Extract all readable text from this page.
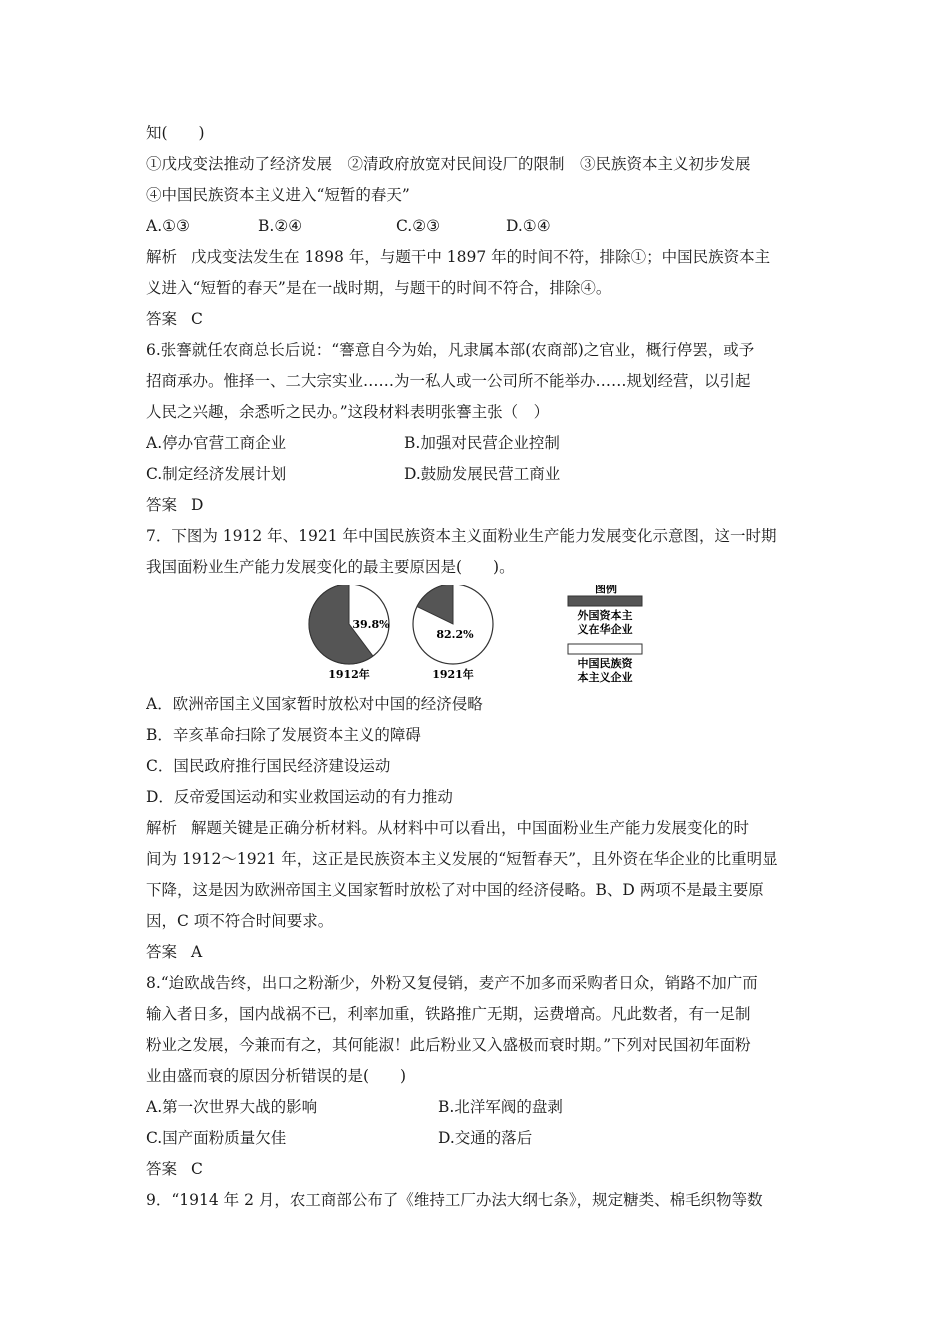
知(　　)
①戊戌变法推动了经济发展　②清政府放宽对民间设厂的限制　③民族资本主义初步发展
④中国民族资本主义进入“短暂的春天”
A.①③	B.②④	C.②③	D.①④
解析 戊戌变法发生在 1898 年，与题干中 1897 年的时间不符，排除①；中国民族资本主
义进入“短暂的春天”是在一战时期，与题干的时间不符合，排除④。
答案 C
6.张謇就任农商总长后说：“謇意自今为始，凡隶属本部(农商部)之官业，概行停罢，或予
招商承办。惟择一、二大宗实业……为一私人或一公司所不能举办……规划经营，以引起
人民之兴趣，余悉听之民办。”这段材料表明张謇主张（　）
A.停办官营工商企业	B.加强对民营企业控制
C.制定经济发展计划	D.鼓励发展民营工商业
答案 D
7．下图为 1912 年、1921 年中国民族资本主义面粉业生产能力发展变化示意图，这一时期
我国面粉业生产能力发展变化的最主要原因是(　　)。
39.8%
82.2%
1912年	1921年
图例
外国资本主
义在华企业
中国民族资
本主义企业
A．欧洲帝国主义国家暂时放松对中国的经济侵略
B．辛亥革命扫除了发展资本主义的障碍
C．国民政府推行国民经济建设运动
D．反帝爱国运动和实业救国运动的有力推动
解析 解题关键是正确分析材料。从材料中可以看出，中国面粉业生产能力发展变化的时
间为 1912～1921 年，这正是民族资本主义发展的“短暂春天”，且外资在华企业的比重明显
下降，这是因为欧洲帝国主义国家暂时放松了对中国的经济侵略。B、D 两项不是最主要原
因，C 项不符合时间要求。
答案 A
8.“迨欧战告终，出口之粉渐少，外粉又复侵销，麦产不加多而采购者日众，销路不加广而
输入者日多，国内战祸不已，利率加重，铁路推广无期，运费增高。凡此数者，有一足制
粉业之发展，今兼而有之，其何能淑！此后粉业又入盛极而衰时期。”下列对民国初年面粉
业由盛而衰的原因分析错误的是(　　)
A.第一次世界大战的影响	B.北洋军阀的盘剥
C.国产面粉质量欠佳	D.交通的落后
答案 C
9．“1914 年 2 月，农工商部公布了《维持工厂办法大纲七条》，规定糖类、棉毛织物等数
